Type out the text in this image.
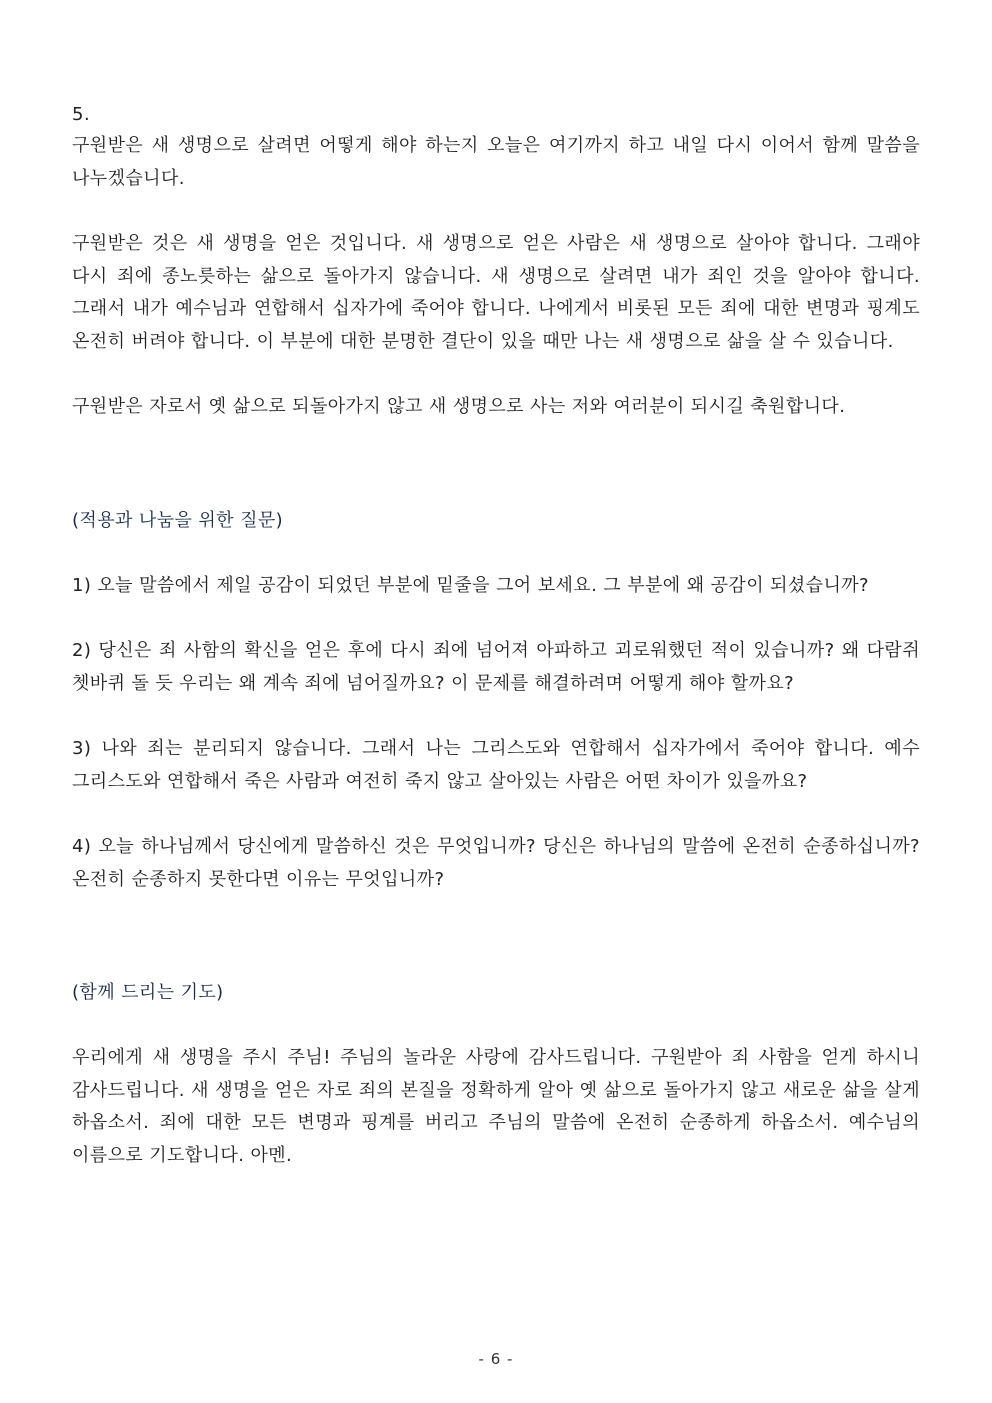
5.

구원받은 새 생명으로 살려면 어떻게 해야 하는지 오늘은 여기까지 하고 내일 다시 이어서 함께 말씀을 나누겠습니다.

구원받은 것은 새 생명을 얻은 것입니다. 새 생명으로 얻은 사람은 새 생명으로 살아야 합니다. 그래야 다시 죄에 종노릇하는 삶으로 돌아가지 않습니다. 새 생명으로 살려면 내가 죄인 것을 알아야 합니다. 그래서 내가 예수님과 연합해서 십자가에 죽어야 합니다. 나에게서 비롯된 모든 죄에 대한 변명과 핑계도 온전히 버려야 합니다. 이 부분에 대한 분명한 결단이 있을 때만 나는 새 생명으로 삶을 살 수 있습니다.

구원받은 자로서 옛 삶으로 되돌아가지 않고 새 생명으로 사는 저와 여러분이 되시길 축원합니다.

(적용과 나눔을 위한 질문)

1) 오늘 말씀에서 제일 공감이 되었던 부분에 밑줄을 그어 보세요. 그 부분에 왜 공감이 되셨습니까?

2) 당신은 죄 사함의 확신을 얻은 후에 다시 죄에 넘어져 아파하고 괴로워했던 적이 있습니까? 왜 다람쥐 쳇바퀴 돌 듯 우리는 왜 계속 죄에 넘어질까요? 이 문제를 해결하려며 어떻게 해야 할까요?

3) 나와 죄는 분리되지 않습니다. 그래서 나는 그리스도와 연합해서 십자가에서 죽어야 합니다. 예수 그리스도와 연합해서 죽은 사람과 여전히 죽지 않고 살아있는 사람은 어떤 차이가 있을까요?

4) 오늘 하나님께서 당신에게 말씀하신 것은 무엇입니까? 당신은 하나님의 말씀에 온전히 순종하십니까? 온전히 순종하지 못한다면 이유는 무엇입니까?

(함께 드리는 기도)

우리에게 새 생명을 주시 주님! 주님의 놀라운 사랑에 감사드립니다. 구원받아 죄 사함을 얻게 하시니 감사드립니다. 새 생명을 얻은 자로 죄의 본질을 정확하게 알아 옛 삶으로 돌아가지 않고 새로운 삶을 살게 하옵소서. 죄에 대한 모든 변명과 핑계를 버리고 주님의 말씀에 온전히 순종하게 하옵소서. 예수님의 이름으로 기도합니다. 아멘.

- 6 -
